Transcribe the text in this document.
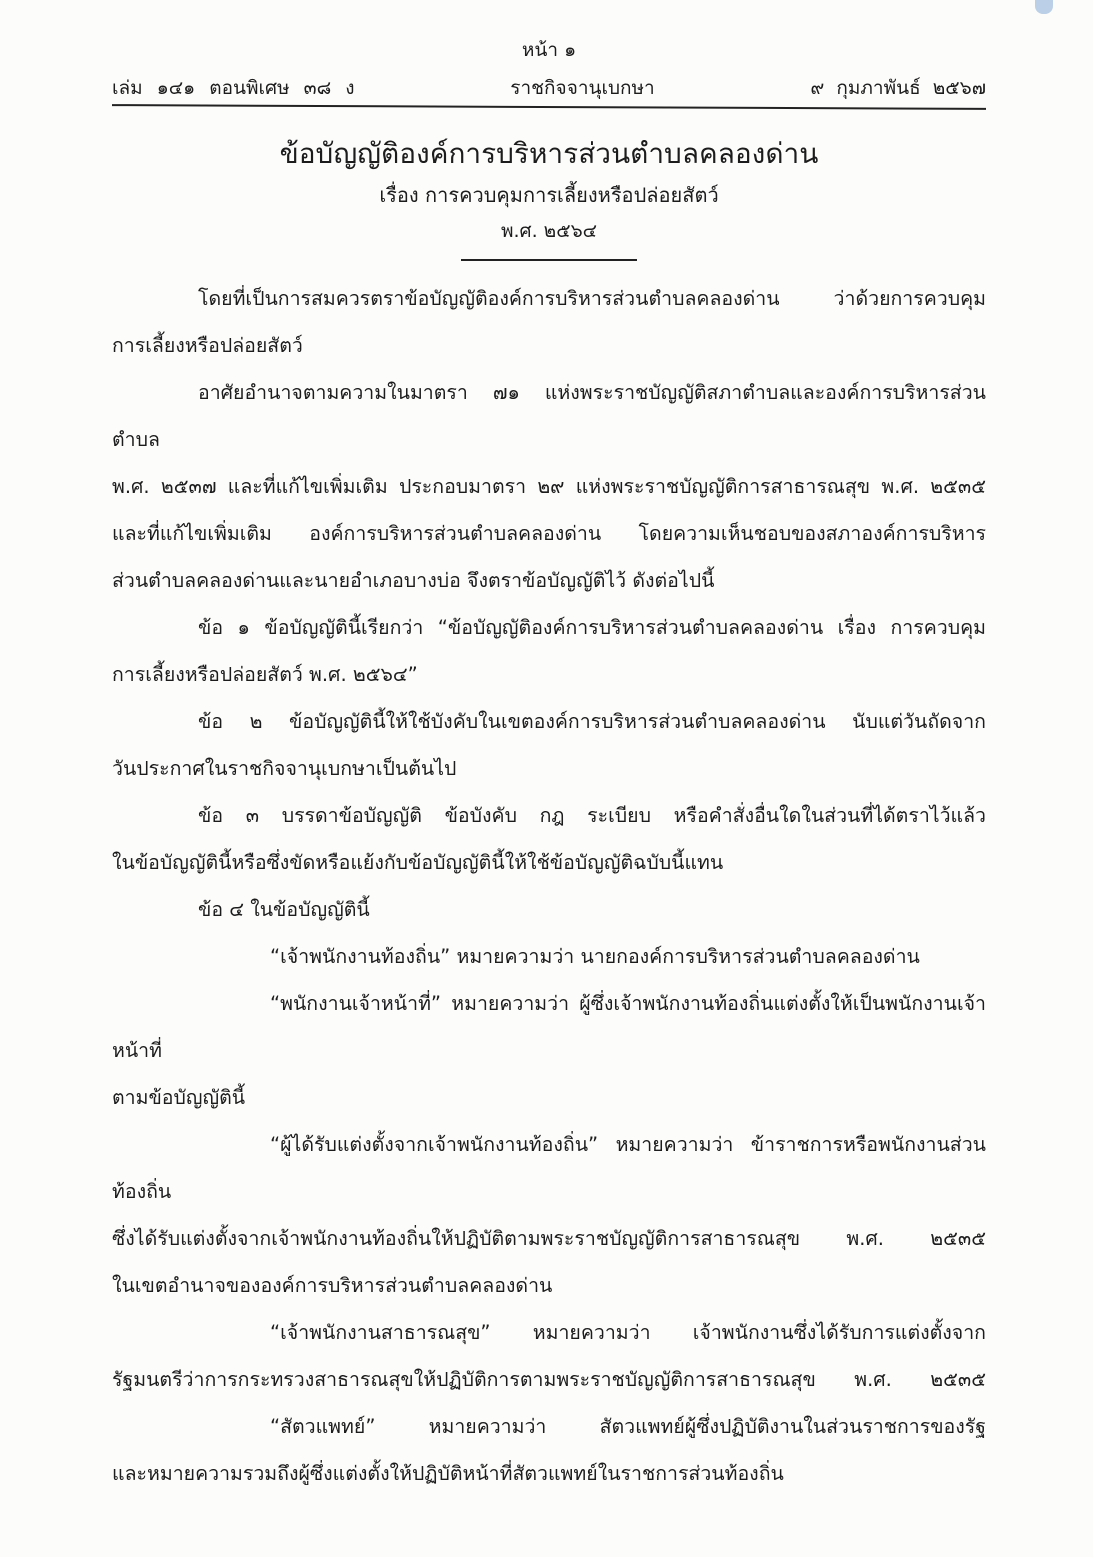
หน้า ๑
เล่ม ๑๔๑ ตอนพิเศษ ๓๘ ง	ราชกิจจานุเบกษา	๙ กุมภาพันธ์ ๒๕๖๗
ข้อบัญญัติองค์การบริหารส่วนตำบลคลองด่าน
เรื่อง การควบคุมการเลี้ยงหรือปล่อยสัตว์
พ.ศ. ๒๕๖๔
โดยที่เป็นการสมควรตราข้อบัญญัติองค์การบริหารส่วนตำบลคลองด่าน ว่าด้วยการควบคุม
การเลี้ยงหรือปล่อยสัตว์
อาศัยอำนาจตามความในมาตรา ๗๑ แห่งพระราชบัญญัติสภาตำบลและองค์การบริหารส่วนตำบล
พ.ศ. ๒๕๓๗ และที่แก้ไขเพิ่มเติม ประกอบมาตรา ๒๙ แห่งพระราชบัญญัติการสาธารณสุข พ.ศ. ๒๕๓๕
และที่แก้ไขเพิ่มเติม องค์การบริหารส่วนตำบลคลองด่าน โดยความเห็นชอบของสภาองค์การบริหาร
ส่วนตำบลคลองด่านและนายอำเภอบางบ่อ จึงตราข้อบัญญัติไว้ ดังต่อไปนี้
ข้อ ๑ ข้อบัญญัตินี้เรียกว่า “ข้อบัญญัติองค์การบริหารส่วนตำบลคลองด่าน เรื่อง การควบคุม
การเลี้ยงหรือปล่อยสัตว์ พ.ศ. ๒๕๖๔”
ข้อ ๒ ข้อบัญญัตินี้ให้ใช้บังคับในเขตองค์การบริหารส่วนตำบลคลองด่าน นับแต่วันถัดจาก
วันประกาศในราชกิจจานุเบกษาเป็นต้นไป
ข้อ ๓ บรรดาข้อบัญญัติ ข้อบังคับ กฎ ระเบียบ หรือคำสั่งอื่นใดในส่วนที่ได้ตราไว้แล้ว
ในข้อบัญญัตินี้หรือซึ่งขัดหรือแย้งกับข้อบัญญัตินี้ให้ใช้ข้อบัญญัติฉบับนี้แทน
ข้อ ๔ ในข้อบัญญัตินี้
“เจ้าพนักงานท้องถิ่น” หมายความว่า นายกองค์การบริหารส่วนตำบลคลองด่าน
“พนักงานเจ้าหน้าที่” หมายความว่า ผู้ซึ่งเจ้าพนักงานท้องถิ่นแต่งตั้งให้เป็นพนักงานเจ้าหน้าที่
ตามข้อบัญญัตินี้
“ผู้ได้รับแต่งตั้งจากเจ้าพนักงานท้องถิ่น” หมายความว่า ข้าราชการหรือพนักงานส่วนท้องถิ่น
ซึ่งได้รับแต่งตั้งจากเจ้าพนักงานท้องถิ่นให้ปฏิบัติตามพระราชบัญญัติการสาธารณสุข พ.ศ. ๒๕๓๕
ในเขตอำนาจขององค์การบริหารส่วนตำบลคลองด่าน
“เจ้าพนักงานสาธารณสุข” หมายความว่า เจ้าพนักงานซึ่งได้รับการแต่งตั้งจาก
รัฐมนตรีว่าการกระทรวงสาธารณสุขให้ปฏิบัติการตามพระราชบัญญัติการสาธารณสุข พ.ศ. ๒๕๓๕
“สัตวแพทย์” หมายความว่า สัตวแพทย์ผู้ซึ่งปฏิบัติงานในส่วนราชการของรัฐ
และหมายความรวมถึงผู้ซึ่งแต่งตั้งให้ปฏิบัติหน้าที่สัตวแพทย์ในราชการส่วนท้องถิ่น
